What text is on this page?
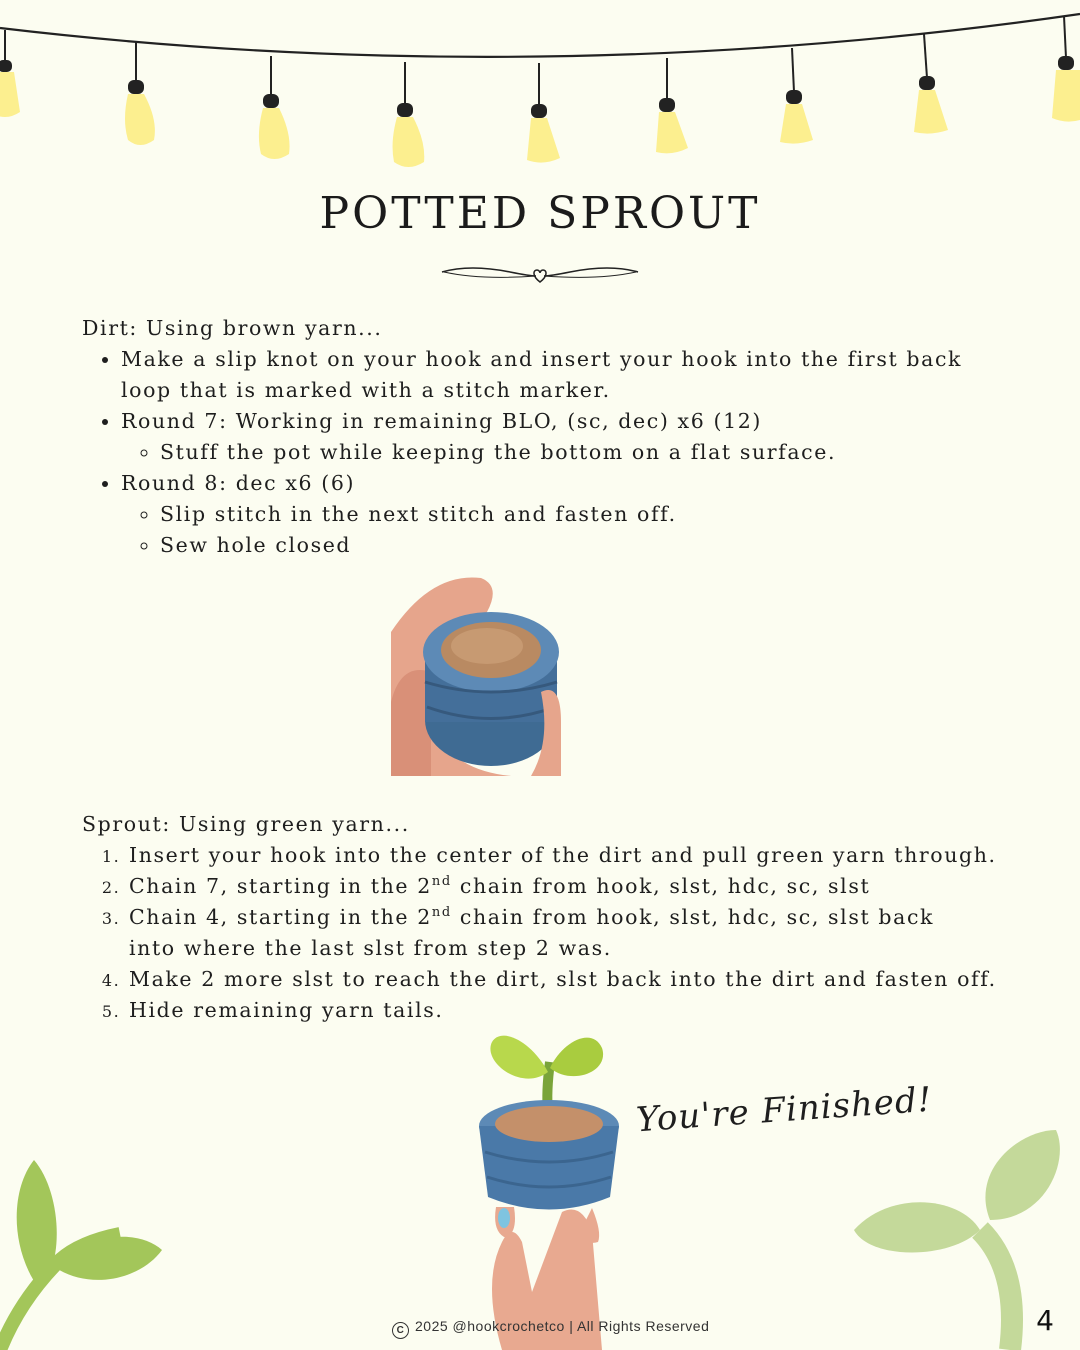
POTTED SPROUT

Dirt: Using brown yarn...

• Make a slip knot on your hook and insert your hook into the first back loop that is marked with a stitch marker.
• Round 7: Working in remaining BLO, (sc, dec) x6 (12)
◦ Stuff the pot while keeping the bottom on a flat surface.
• Round 8: dec x6 (6)
◦ Slip stitch in the next stitch and fasten off.
◦ Sew hole closed

Sprout: Using green yarn...

1. Insert your hook into the center of the dirt and pull green yarn through.
2. Chain 7, starting in the 2nd chain from hook, slst, hdc, sc, slst
3. Chain 4, starting in the 2nd chain from hook, slst, hdc, sc, slst back into where the last slst from step 2 was.
4. Make 2 more slst to reach the dirt, slst back into the dirt and fasten off.
5. Hide remaining yarn tails.
You're Finished!
C 2025 @hookcrochetco | All Rights Reserved	4
